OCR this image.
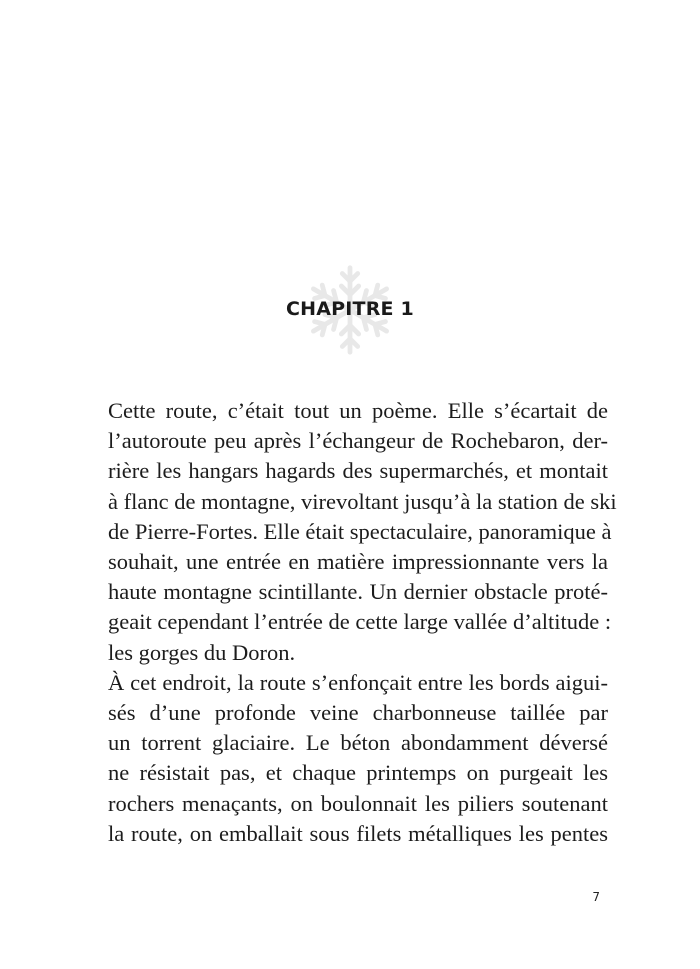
CHAPITRE 1
Cette route, c’était tout un poème. Elle s’écartait de
l’autoroute peu après l’échangeur de Rochebaron, der-
rière les hangars hagards des supermarchés, et montait
à flanc de montagne, virevoltant jusqu’à la station de ski
de Pierre-Fortes. Elle était spectaculaire, panoramique à
souhait, une entrée en matière impressionnante vers la
haute montagne scintillante. Un dernier obstacle proté-
geait cependant l’entrée de cette large vallée d’altitude :
les gorges du Doron.
À cet endroit, la route s’enfonçait entre les bords aigui-
sés d’une profonde veine charbonneuse taillée par
un torrent glaciaire. Le béton abondamment déversé
ne résistait pas, et chaque printemps on purgeait les
rochers menaçants, on boulonnait les piliers soutenant
la route, on emballait sous filets métalliques les pentes
7
